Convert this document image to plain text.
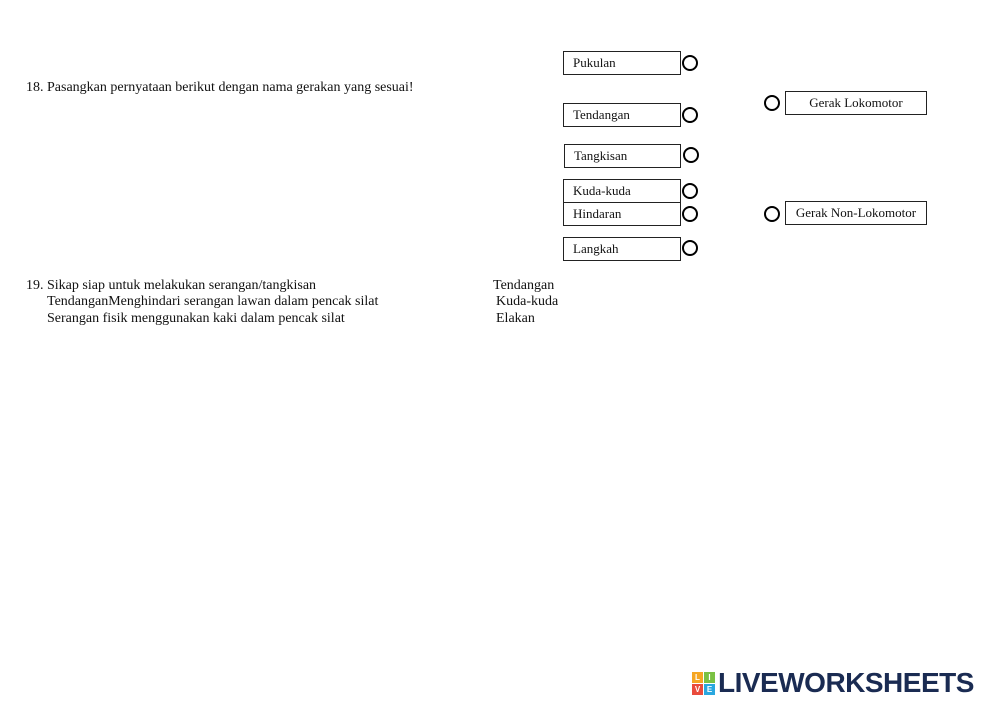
18. Pasangkan pernyataan berikut dengan nama gerakan yang sesuai!
Pukulan
Tendangan
Tangkisan
Kuda-kuda
Hindaran
Langkah
Gerak Lokomotor
Gerak Non-Lokomotor
19. Sikap siap untuk melakukan serangan/tangkisan
TendanganMenghindari serangan lawan dalam pencak silat
Serangan fisik menggunakan kaki dalam pencak silat
Tendangan
Kuda-kuda
Elakan
L	I
V E LIVEWORKSHEETS
